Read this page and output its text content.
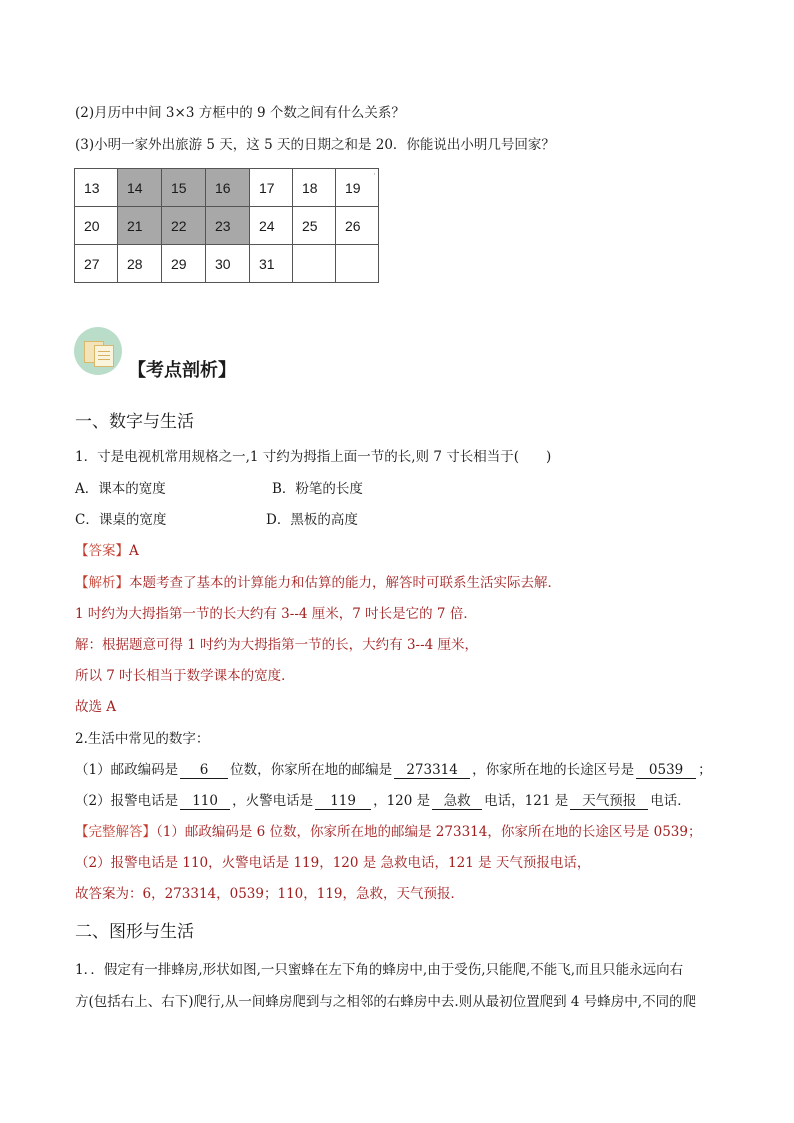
(2)月历中中间 3×3 方框中的 9 个数之间有什么关系？
(3)小明一家外出旅游 5 天，这 5 天的日期之和是 20．你能说出小明几号回家？
·
13	14	15	16	17	18	19
20	21	22	23	24	25	26
27	28	29	30	31		
【考点剖析】
一、数字与生活
1．寸是电视机常用规格之一,1 寸约为拇指上面一节的长,则 7 寸长相当于(　　)
A．课本的宽度	B．粉笔的长度
C．课桌的宽度	D．黑板的高度
【答案】A
【解析】本题考查了基本的计算能力和估算的能力，解答时可联系生活实际去解．
1 吋约为大拇指第一节的长大约有 3--4 厘米，7 吋长是它的 7 倍．
解：根据题意可得 1 吋约为大拇指第一节的长，大约有 3--4 厘米，
所以 7 吋长相当于数学课本的宽度．
故选 A
2.生活中常见的数字：
（1）邮政编码是 6 位数，你家所在地的邮编是 273314 ，你家所在地的长途区号是 0539 ；
（2）报警电话是 110 ，火警电话是 119 ，120 是 急救 电话，121 是 天气预报 电话．
【完整解答】（1）邮政编码是 6 位数，你家所在地的邮编是 273314，你家所在地的长途区号是 0539；
（2）报警电话是 110，火警电话是 119，120 是 急救电话，121 是 天气预报电话，
故答案为：6，273314，0539；110，119，急救，天气预报．
二、图形与生活
1．．假定有一排蜂房,形状如图,一只蜜蜂在左下角的蜂房中,由于受伤,只能爬,不能飞,而且只能永远向右
方(包括右上、右下)爬行,从一间蜂房爬到与之相邻的右蜂房中去.则从最初位置爬到 4 号蜂房中,不同的爬
